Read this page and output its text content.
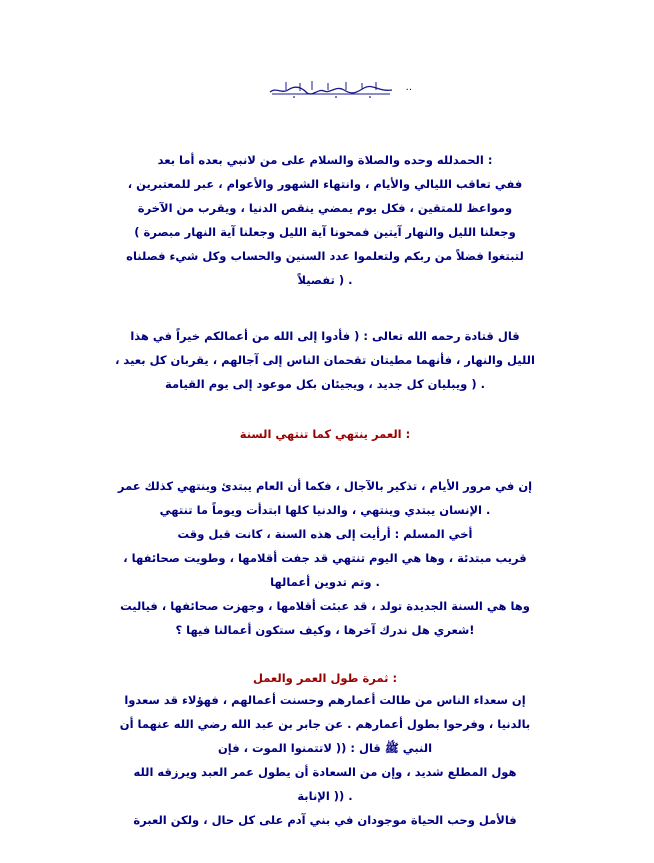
..
: الحمدلله وحده والصلاة والسلام على من لانبي بعده أما بعد
ففي تعاقب الليالي والأيام ، وانتهاء الشهور والأعوام ، عبر للمعتبرين ،
ومواعظ للمتقين ، فكل يوم يمضي ينقص الدنيا ، ويقرب من الآخرة
وجعلنا الليل والنهار آيتين فمحونا آية الليل وجعلنا آية النهار مبصرة )
لتبتغوا فضلاً من ربكم ولتعلموا عدد السنين والحساب وكل شيء فصلناه
. ( تفصيلاً
قال قتادة رحمه الله تعالى : ( فأدوا إلى الله من أعمالكم خيراً في هذا
الليل والنهار ، فأنهما مطيتان تقحمان الناس إلى آجالهم ، يقربان كل بعيد ،
. ( ويبليان كل جديد ، ويجيئان بكل موعود إلى يوم القيامة
: العمر ينتهي كما تنتهي السنة
إن في مرور الأيام ، تذكير بالآجال ، فكما أن العام يبتدئ وينتهي كذلك عمر
. الإنسان يبتدي وينتهي ، والدنيا كلها ابتدأت ويوماً ما تنتهي
أخي المسلم : أرأيت إلى هذه السنة ، كانت قبل وقت
قريب مبتدئة ، وها هي اليوم تنتهي قد جفت أقلامها ، وطويت صحائفها ،
. وتم تدوين أعمالها
وها هي السنة الجديدة تولد ، قد عبئت أقلامها ، وجهزت صحائفها ، فياليت
!شعري هل ندرك آخرها ، وكيف ستكون أعمالنا فيها ؟
: ثمرة طول العمر والعمل
إن سعداء الناس من طالت أعمارهم وحسنت أعمالهم ، فهؤلاء قد سعدوا
بالدنيا ، وفرحوا بطول أعمارهم . عن جابر بن عبد الله رضي الله عنهما أن
النبي ﷺ قال : (( لاتتمنوا الموت ، فإن
هول المطلع شديد ، وإن من السعادة أن يطول عمر العبد ويرزقه الله
. (( الإنابة
فالأمل وحب الحياة موجودان في بني آدم على كل حال ، ولكن العبرة
